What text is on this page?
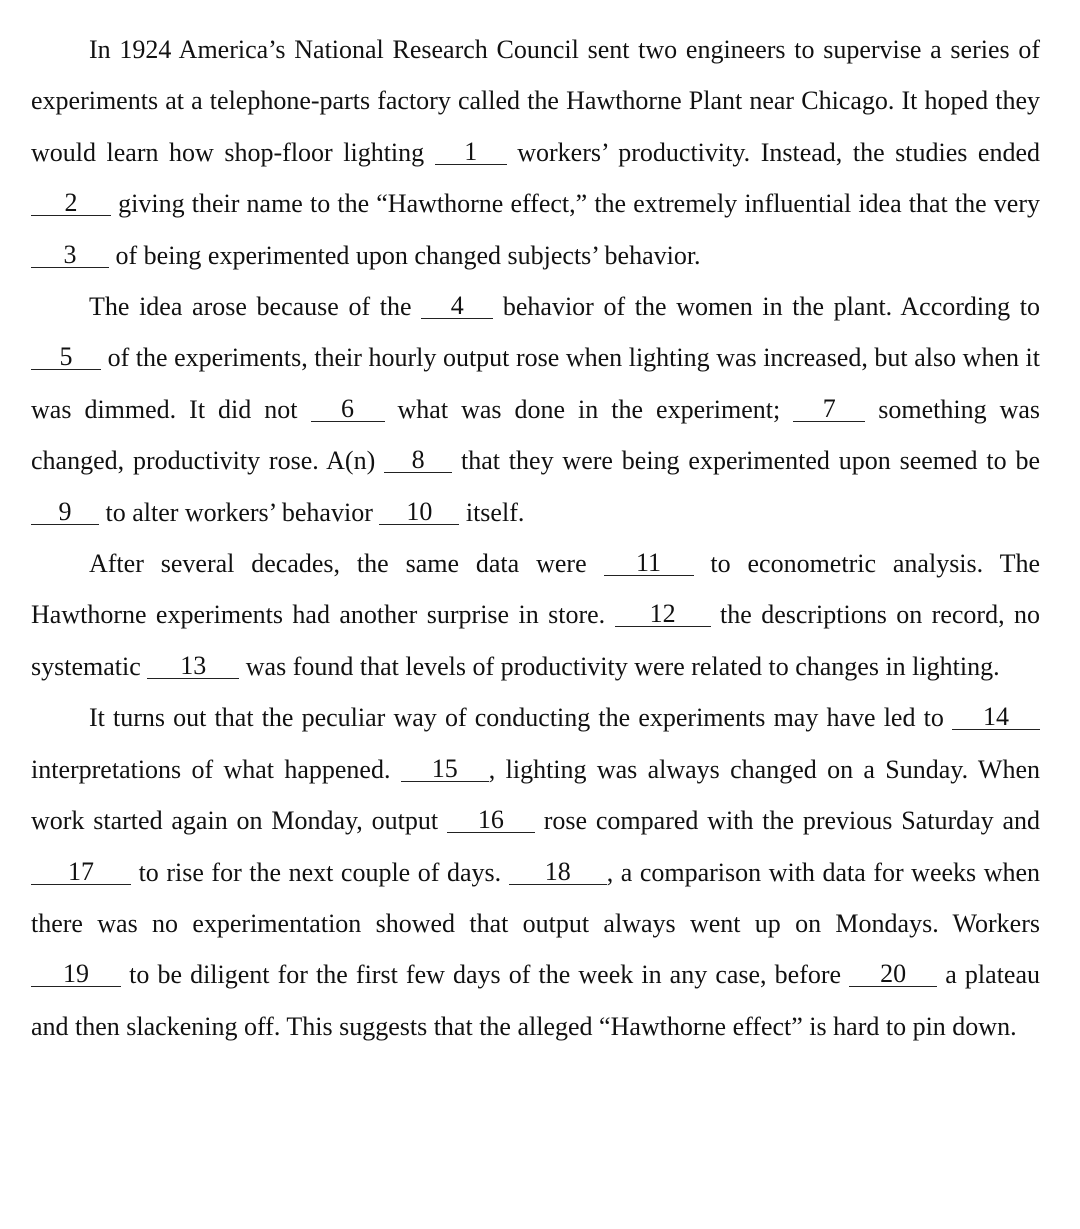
In 1924 America’s National Research Council sent two engineers to supervise a series of experiments at a telephone-parts factory called the Hawthorne Plant near Chicago. It hoped they would learn how shop-floor lighting 1 workers’ productivity. Instead, the studies ended 2 giving their name to the “Hawthorne effect,” the extremely influential idea that the very 3 of being experimented upon changed subjects’ behavior.

The idea arose because of the 4 behavior of the women in the plant. According to 5 of the experiments, their hourly output rose when lighting was increased, but also when it was dimmed. It did not 6 what was done in the experiment; 7 something was changed, productivity rose. A(n) 8 that they were being experimented upon seemed to be 9 to alter workers’ behavior 10 itself.

After several decades, the same data were 11 to econometric analysis. The Hawthorne experiments had another surprise in store. 12 the descriptions on record, no systematic 13 was found that levels of productivity were related to changes in lighting.

It turns out that the peculiar way of conducting the experiments may have led to 14 interpretations of what happened. 15 , lighting was always changed on a Sunday. When work started again on Monday, output 16 rose compared with the previous Saturday and 17 to rise for the next couple of days. 18 , a comparison with data for weeks when there was no experimentation showed that output always went up on Mondays. Workers 19 to be diligent for the first few days of the week in any case, before 20 a plateau and then slackening off. This suggests that the alleged “Hawthorne effect” is hard to pin down.
